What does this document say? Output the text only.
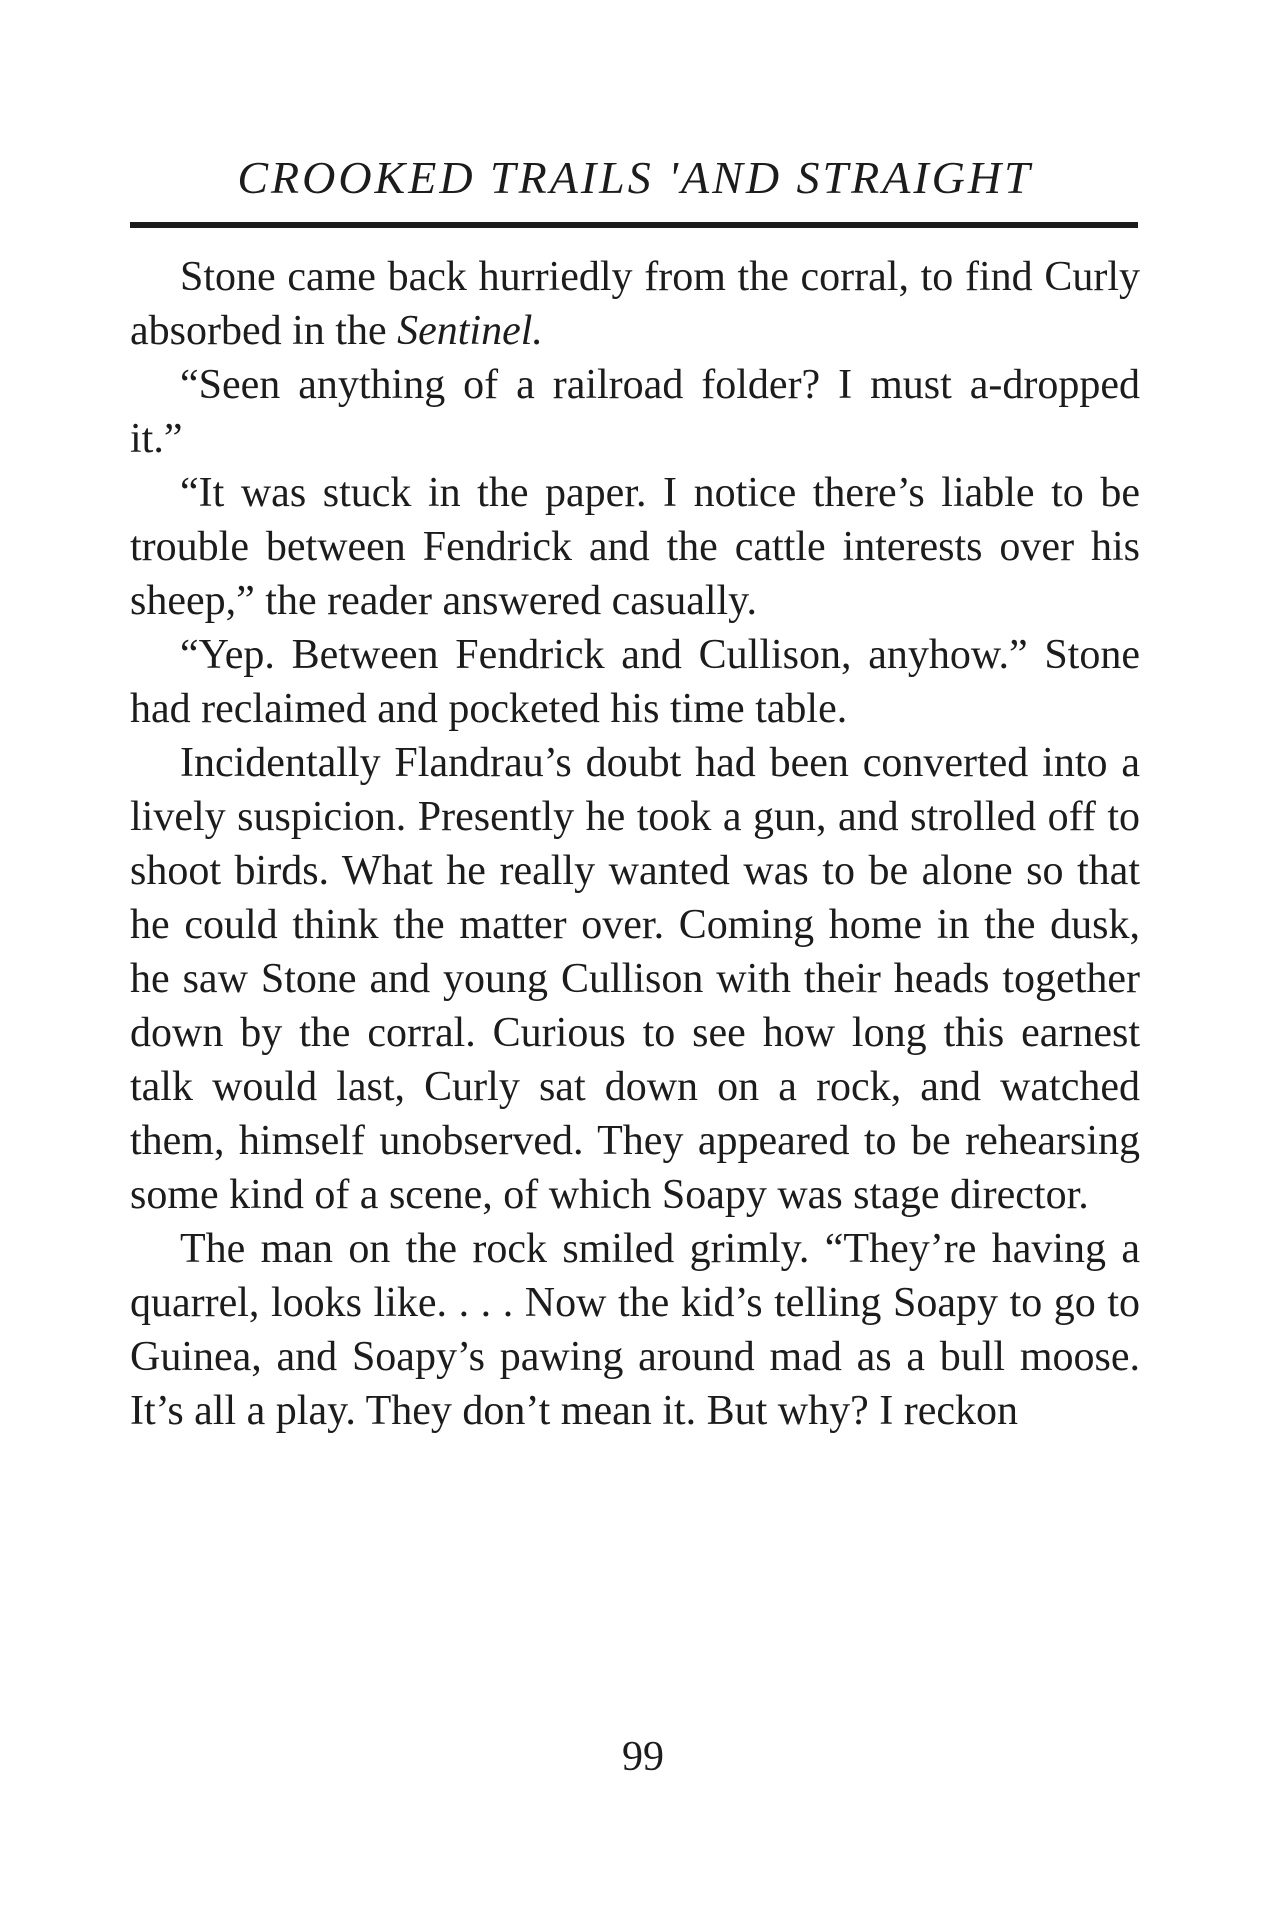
CROOKED TRAILS 'AND STRAIGHT

Stone came back hurriedly from the corral, to find Curly absorbed in the Sentinel.

“Seen anything of a railroad folder? I must a-dropped it.”

“It was stuck in the paper. I notice there’s liable to be trouble between Fendrick and the cattle interests over his sheep,” the reader answered casually.

“Yep. Between Fendrick and Cullison, anyhow.” Stone had reclaimed and pocketed his time table.

Incidentally Flandrau’s doubt had been converted into a lively suspicion. Presently he took a gun, and strolled off to shoot birds. What he really wanted was to be alone so that he could think the matter over. Coming home in the dusk, he saw Stone and young Cullison with their heads together down by the corral. Curious to see how long this earnest talk would last, Curly sat down on a rock, and watched them, himself unobserved. They appeared to be rehearsing some kind of a scene, of which Soapy was stage director.

The man on the rock smiled grimly. “They’re having a quarrel, looks like. . . . Now the kid’s telling Soapy to go to Guinea, and Soapy’s pawing around mad as a bull moose. It’s all a play. They don’t mean it. But why? I reckon

99
